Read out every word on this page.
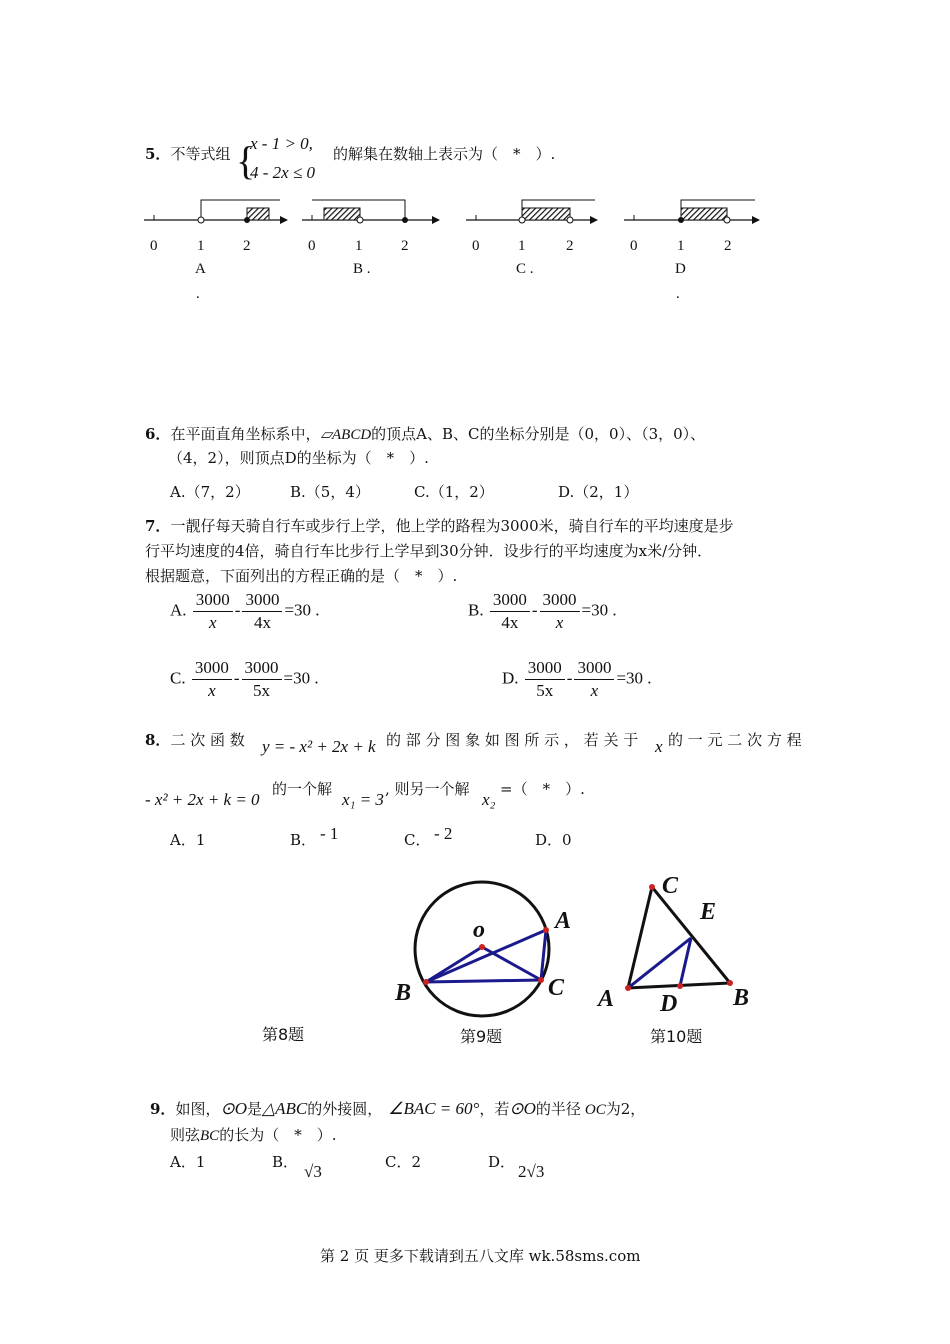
5．不等式组 {
x - 1 > 0,
4 - 2x ≤ 0
的解集在数轴上表示为（　*　）.
0	1	2	0	1	2	0	1	2	0	1	2
A
.
B .	C .	D
.
6．在平面直角坐标系中，▱ABCD的顶点A、B、C的坐标分别是（0，0）、（3，0）、
（4，2），则顶点D的坐标为（　*　）.
A.（7，2）	B.（5，4）	C.（1，2）	D.（2，1）
7．一靓仔每天骑自行车或步行上学，他上学的路程为3000米，骑自行车的平均速度是步
行平均速度的4倍，骑自行车比步行上学早到30分钟．设步行的平均速度为x米/分钟．
根据题意，下面列出的方程正确的是（　*　）.
A. $\frac{3000}{x} - \frac{3000}{4x} =30$ .	B. $\frac{3000}{4x} - \frac{3000}{x} =30$ .
C. $\frac{3000}{x} - \frac{3000}{5x} =30$ .	D. $\frac{3000}{5x} - \frac{3000}{x} =30$ .
8．二 次 函 数 y = - x² + 2x + k 的 部 分 图 象 如 图 所 示 ， 若 关 于 x 的 一 元 二 次 方 程
- x² + 2x + k = 0
的一个解
x₁ = 3
, 则另一个解
x₂
=（　*　）.
A．1	B． - 1	C． - 2	D．0
第8题
o	A
B	C
第9题
C
E
A D B
第10题
9．如图，⊙O是△ABC的外接圆， ∠BAC = 60°，若⊙O的半径 OC为2，
则弦BC的长为（　*　）.
A．1	B． √3	C．2	D． 2√3
第 2 页 更多下载请到五八文库 wk.58sms.com
